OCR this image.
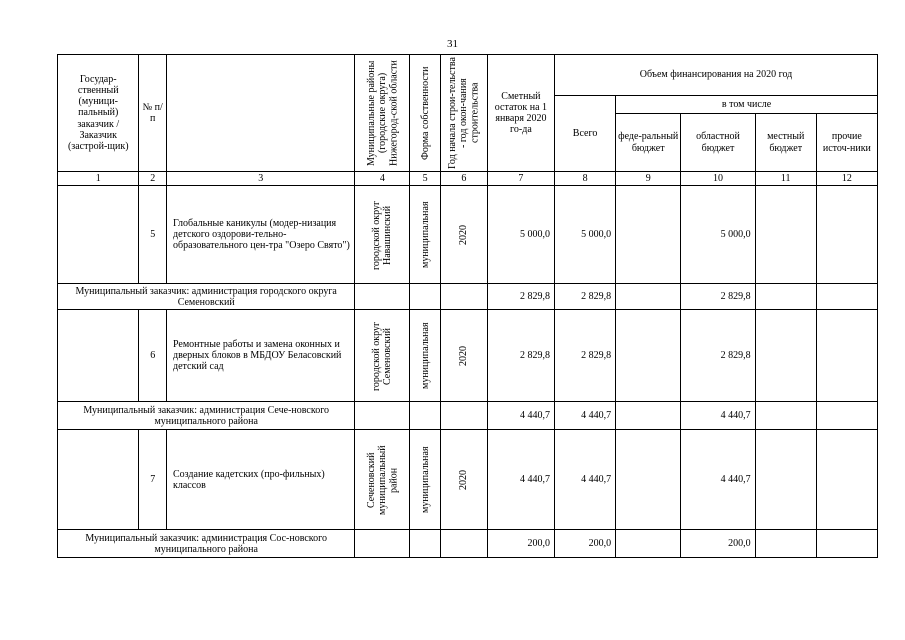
31
Государ-ственный (муници-пальный) заказчик / Заказчик (застрой-щик)	№ п/п		Муниципальные районы (городские округа) Нижегород-ской области	Форма собственности	Год начала строи-тельства - год окон-чания строительства	Сметный остаток на 1 января 2020 го-да	Объем финансирования на 2020 год				
							Всего	в том числе			
								феде-ральный бюджет	областной бюджет	местный бюджет	прочие источ-ники
1	2	3	4	5	6	7	8	9	10	11	12
	5	Глобальные каникулы (модер-низация детского оздорови-тельно-образовательного цен-тра "Озеро Свято")	городской округ Навашинский	муниципальная	2020	5 000,0	5 000,0		5 000,0		
Муниципальный заказчик: администрация городского округа Семеновский						2 829,8	2 829,8		2 829,8		
	6	Ремонтные работы и замена оконных и дверных блоков в МБДОУ Беласовский детский сад	городской округ Семеновский	муниципальная	2020	2 829,8	2 829,8		2 829,8		
Муниципальный заказчик: администрация Сече-новского муниципального района						4 440,7	4 440,7		4 440,7		
	7	Создание кадетских (про-фильных) классов	Сеченовский муниципальный район	муниципальная	2020	4 440,7	4 440,7		4 440,7		
Муниципальный заказчик: администрация Сос-новского муниципального района						200,0	200,0		200,0		
